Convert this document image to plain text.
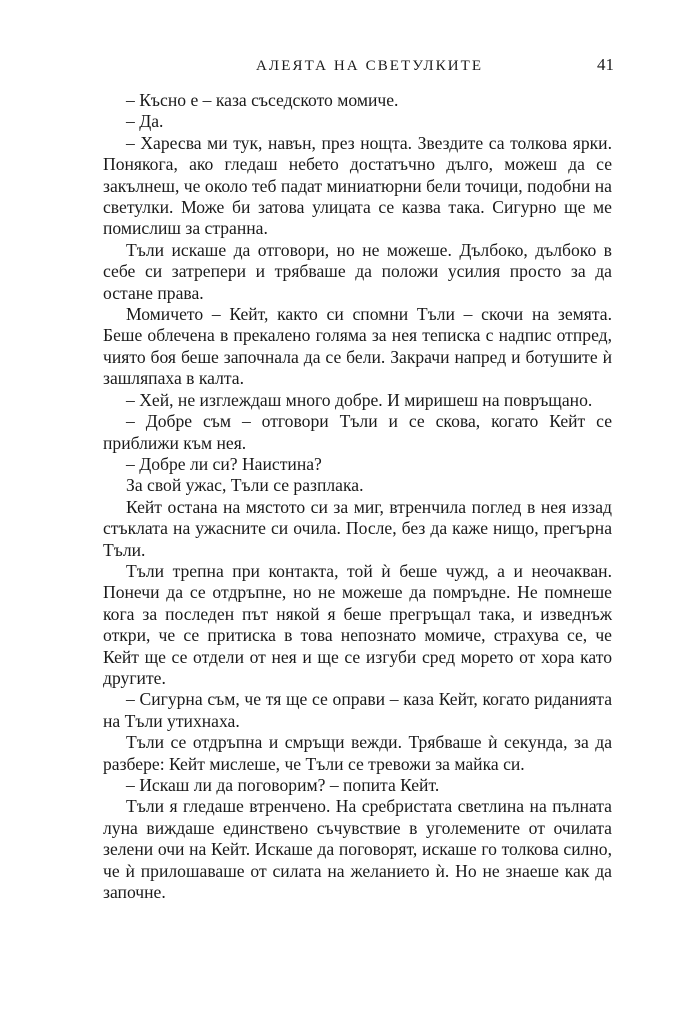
АЛЕЯТА НА СВЕТУЛКИТЕ	41

– Късно е – каза съседското момиче.

– Да.

– Харесва ми тук, навън, през нощта. Звездите са толкова ярки. Понякога, ако гледаш небето достатъчно дълго, можеш да се закълнеш, че около теб падат миниатюрни бели точици, подобни на светулки. Може би затова улицата се казва така. Сигурно ще ме помислиш за странна.

Тъли искаше да отговори, но не можеше. Дълбоко, дълбоко в себе си затрепери и трябваше да положи усилия просто за да остане права.

Момичето – Кейт, както си спомни Тъли – скочи на земята. Беше облечена в прекалено голяма за нея теписка с надпис отпред, чиято боя беше започнала да се бели. Закрачи напред и ботушите ѝ зашляпаха в калта.

– Хей, не изглеждаш много добре. И миришеш на повръщано.

– Добре съм – отговори Тъли и се скова, когато Кейт се приближи към нея.

– Добре ли си? Наистина?

За свой ужас, Тъли се разплака.

Кейт остана на мястото си за миг, втренчила поглед в нея иззад стъклата на ужасните си очила. После, без да каже нищо, прегърна Тъли.

Тъли трепна при контакта, той ѝ беше чужд, а и неочакван. Понечи да се отдръпне, но не можеше да помръдне. Не помнеше кога за последен път някой я беше прегръщал така, и изведнъж откри, че се притиска в това непознато момиче, страхува се, че Кейт ще се отдели от нея и ще се изгуби сред морето от хора като другите.

– Сигурна съм, че тя ще се оправи – каза Кейт, когато риданията на Тъли утихнаха.

Тъли се отдръпна и смръщи вежди. Трябваше ѝ секунда, за да разбере: Кейт мислеше, че Тъли се тревожи за майка си.

– Искаш ли да поговорим? – попита Кейт.

Тъли я гледаше втренчено. На сребристата светлина на пълната луна виждаше единствено съчувствие в уголемените от очилата зелени очи на Кейт. Искаше да поговорят, искаше го толкова силно, че ѝ прилошаваше от силата на желанието ѝ. Но не знаеше как да започне.
